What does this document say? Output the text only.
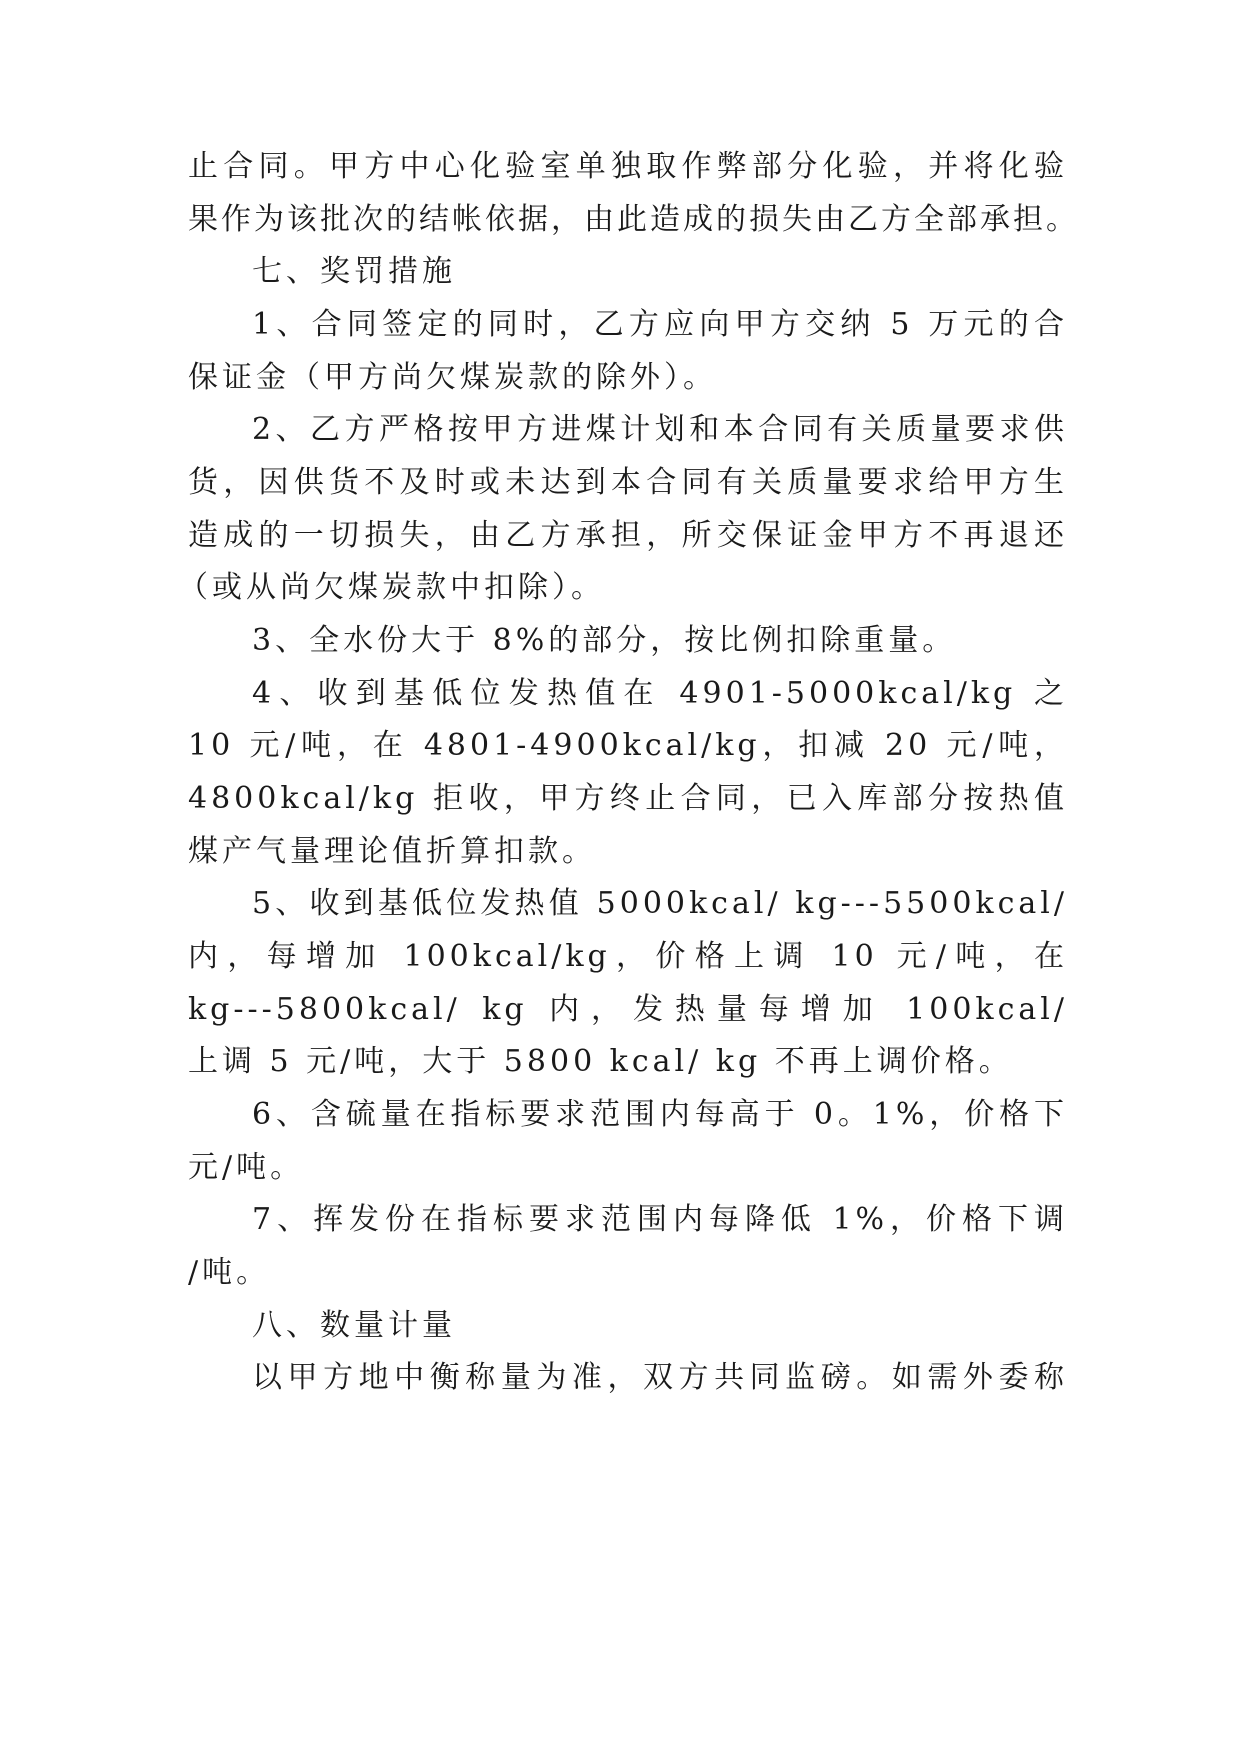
止合同。甲方中心化验室单独取作弊部分化验，并将化验
果作为该批次的结帐依据，由此造成的损失由乙方全部承担。
七、奖罚措施
1、合同签定的同时，乙方应向甲方交纳 5 万元的合
保证金（甲方尚欠煤炭款的除外）。
2、乙方严格按甲方进煤计划和本合同有关质量要求供
货，因供货不及时或未达到本合同有关质量要求给甲方生
造成的一切损失，由乙方承担，所交保证金甲方不再退还
（或从尚欠煤炭款中扣除）。
3、全水份大于 8%的部分，按比例扣除重量。
4、收到基低位发热值在 4901-5000kcal/kg 之
10 元/吨，在 4801-4900kcal/kg，扣减 20 元/吨，
4800kcal/kg 拒收，甲方终止合同，已入库部分按热值
煤产气量理论值折算扣款。
5、收到基低位发热值 5000kcal/ kg---5500kcal/
内，每增加 100kcal/kg，价格上调 10 元/吨，在
kg---5800kcal/ kg 内，发热量每增加 100kcal/
上调 5 元/吨，大于 5800 kcal/ kg 不再上调价格。
6、含硫量在指标要求范围内每高于 0。1%，价格下
元/吨。
7、挥发份在指标要求范围内每降低 1%，价格下调
/吨。
八、数量计量
以甲方地中衡称量为准，双方共同监磅。如需外委称
